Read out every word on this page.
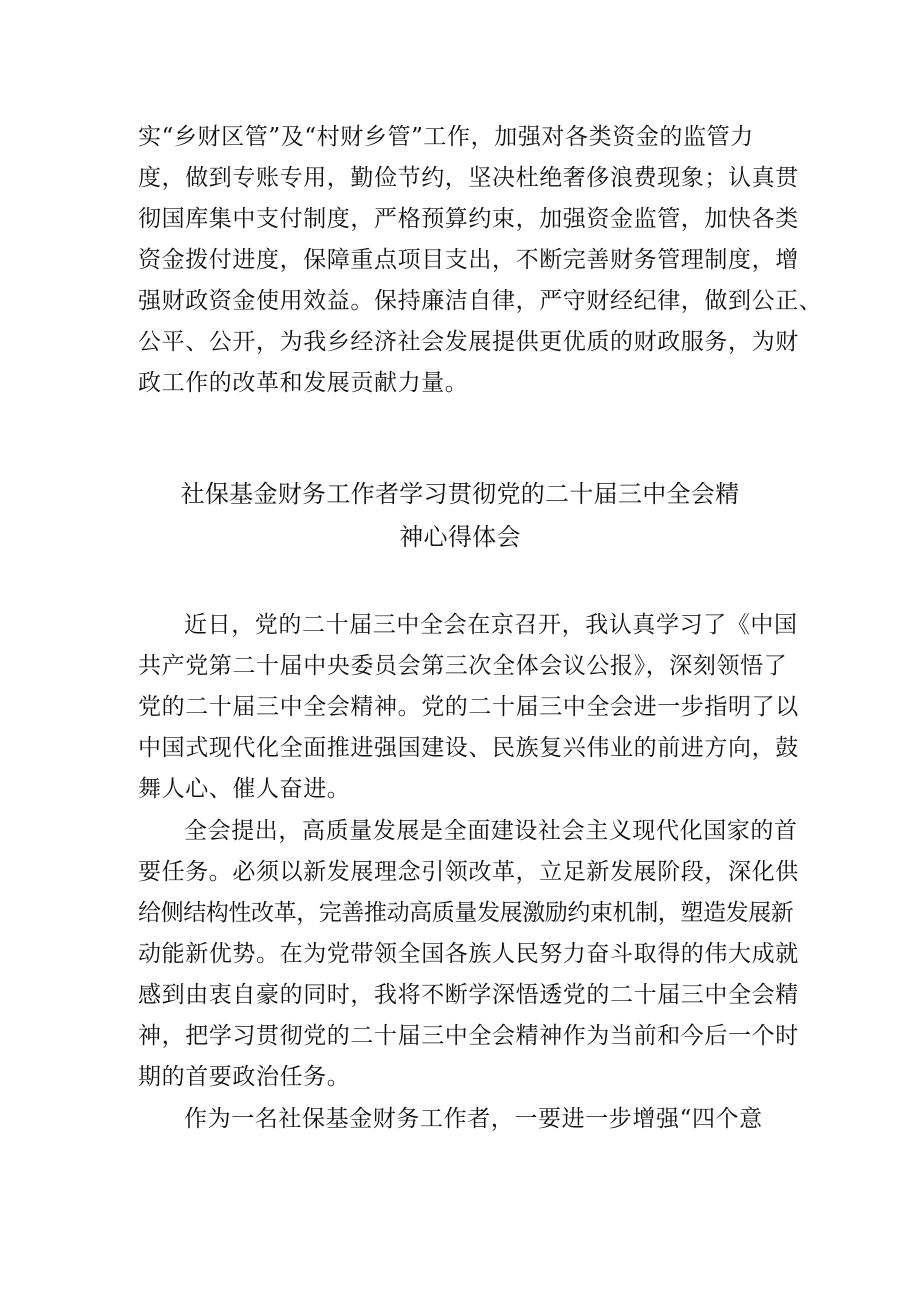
实“乡财区管”及“村财乡管”工作，加强对各类资金的监管力
度，做到专账专用，勤俭节约，坚决杜绝奢侈浪费现象；认真贯
彻国库集中支付制度，严格预算约束，加强资金监管，加快各类
资金拨付进度，保障重点项目支出，不断完善财务管理制度，增
强财政资金使用效益。保持廉洁自律，严守财经纪律，做到公正、
公平、公开，为我乡经济社会发展提供更优质的财政服务，为财
政工作的改革和发展贡献力量。
社保基金财务工作者学习贯彻党的二十届三中全会精
神心得体会
近日，党的二十届三中全会在京召开，我认真学习了《中国
共产党第二十届中央委员会第三次全体会议公报》，深刻领悟了
党的二十届三中全会精神。党的二十届三中全会进一步指明了以
中国式现代化全面推进强国建设、民族复兴伟业的前进方向，鼓
舞人心、催人奋进。
全会提出，高质量发展是全面建设社会主义现代化国家的首
要任务。必须以新发展理念引领改革，立足新发展阶段，深化供
给侧结构性改革，完善推动高质量发展激励约束机制，塑造发展新
动能新优势。在为党带领全国各族人民努力奋斗取得的伟大成就
感到由衷自豪的同时，我将不断学深悟透党的二十届三中全会精
神，把学习贯彻党的二十届三中全会精神作为当前和今后一个时
期的首要政治任务。
作为一名社保基金财务工作者，一要进一步增强“四个意
